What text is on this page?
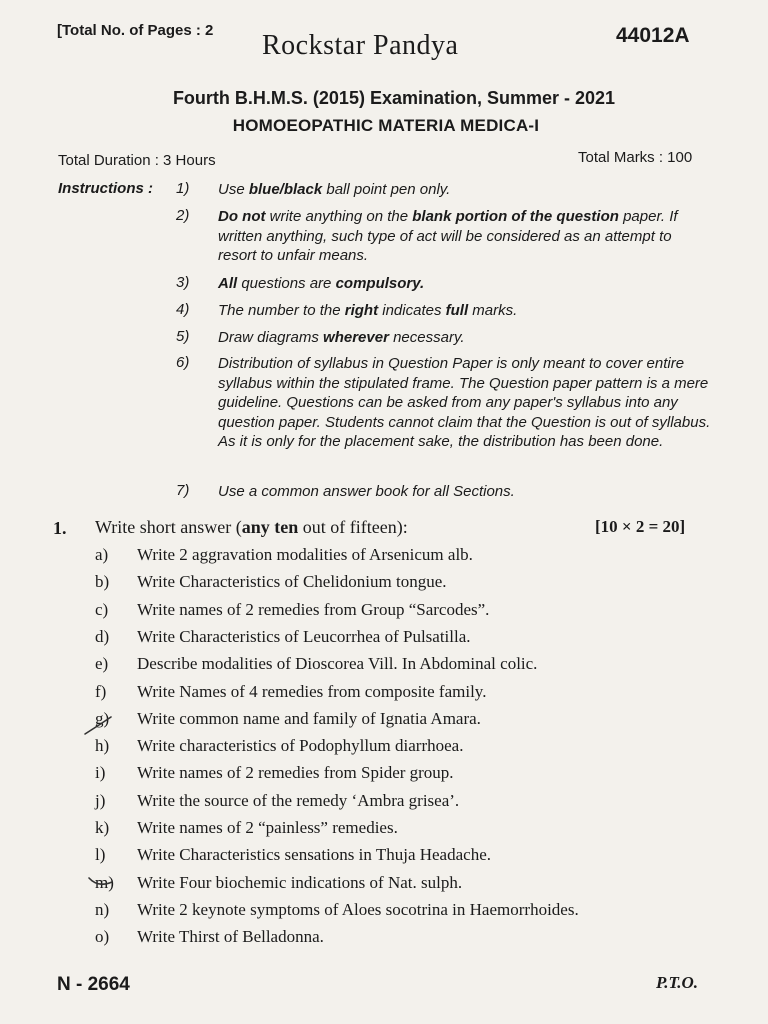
[Total No. of Pages : 2 Rockstar Pandya	44012A
Fourth B.H.M.S. (2015) Examination, Summer - 2021
HOMOEOPATHIC MATERIA MEDICA-I
Total Duration : 3 Hours	Total Marks : 100
Instructions : 1) Use blue/black ball point pen only.
2) Do not write anything on the blank portion of the question paper. If written anything, such type of act will be considered as an attempt to resort to unfair means.
3) All questions are compulsory.
4) The number to the right indicates full marks.
5) Draw diagrams wherever necessary.
6) Distribution of syllabus in Question Paper is only meant to cover entire syllabus within the stipulated frame. The Question paper pattern is a mere guideline. Questions can be asked from any paper's syllabus into any question paper. Students cannot claim that the Question is out of syllabus. As it is only for the placement sake, the distribution has been done.
7) Use a common answer book for all Sections.
1. Write short answer (any ten out of fifteen):	[10 × 2 = 20]
a) Write 2 aggravation modalities of Arsenicum alb.
b) Write Characteristics of Chelidonium tongue.
c) Write names of 2 remedies from Group “Sarcodes”.
d) Write Characteristics of Leucorrhea of Pulsatilla.
e) Describe modalities of Dioscorea Vill. In Abdominal colic.
f) Write Names of 4 remedies from composite family.
g) Write common name and family of Ignatia Amara.
h) Write characteristics of Podophyllum diarrhoea.
i) Write names of 2 remedies from Spider group.
j) Write the source of the remedy ‘Ambra grisea’.
k) Write names of 2 “painless” remedies.
l) Write Characteristics sensations in Thuja Headache.
m) Write Four biochemic indications of Nat. sulph.
n) Write 2 keynote symptoms of Aloes socotrina in Haemorrhoides.
o) Write Thirst of Belladonna.
N - 2664	P.T.O.
